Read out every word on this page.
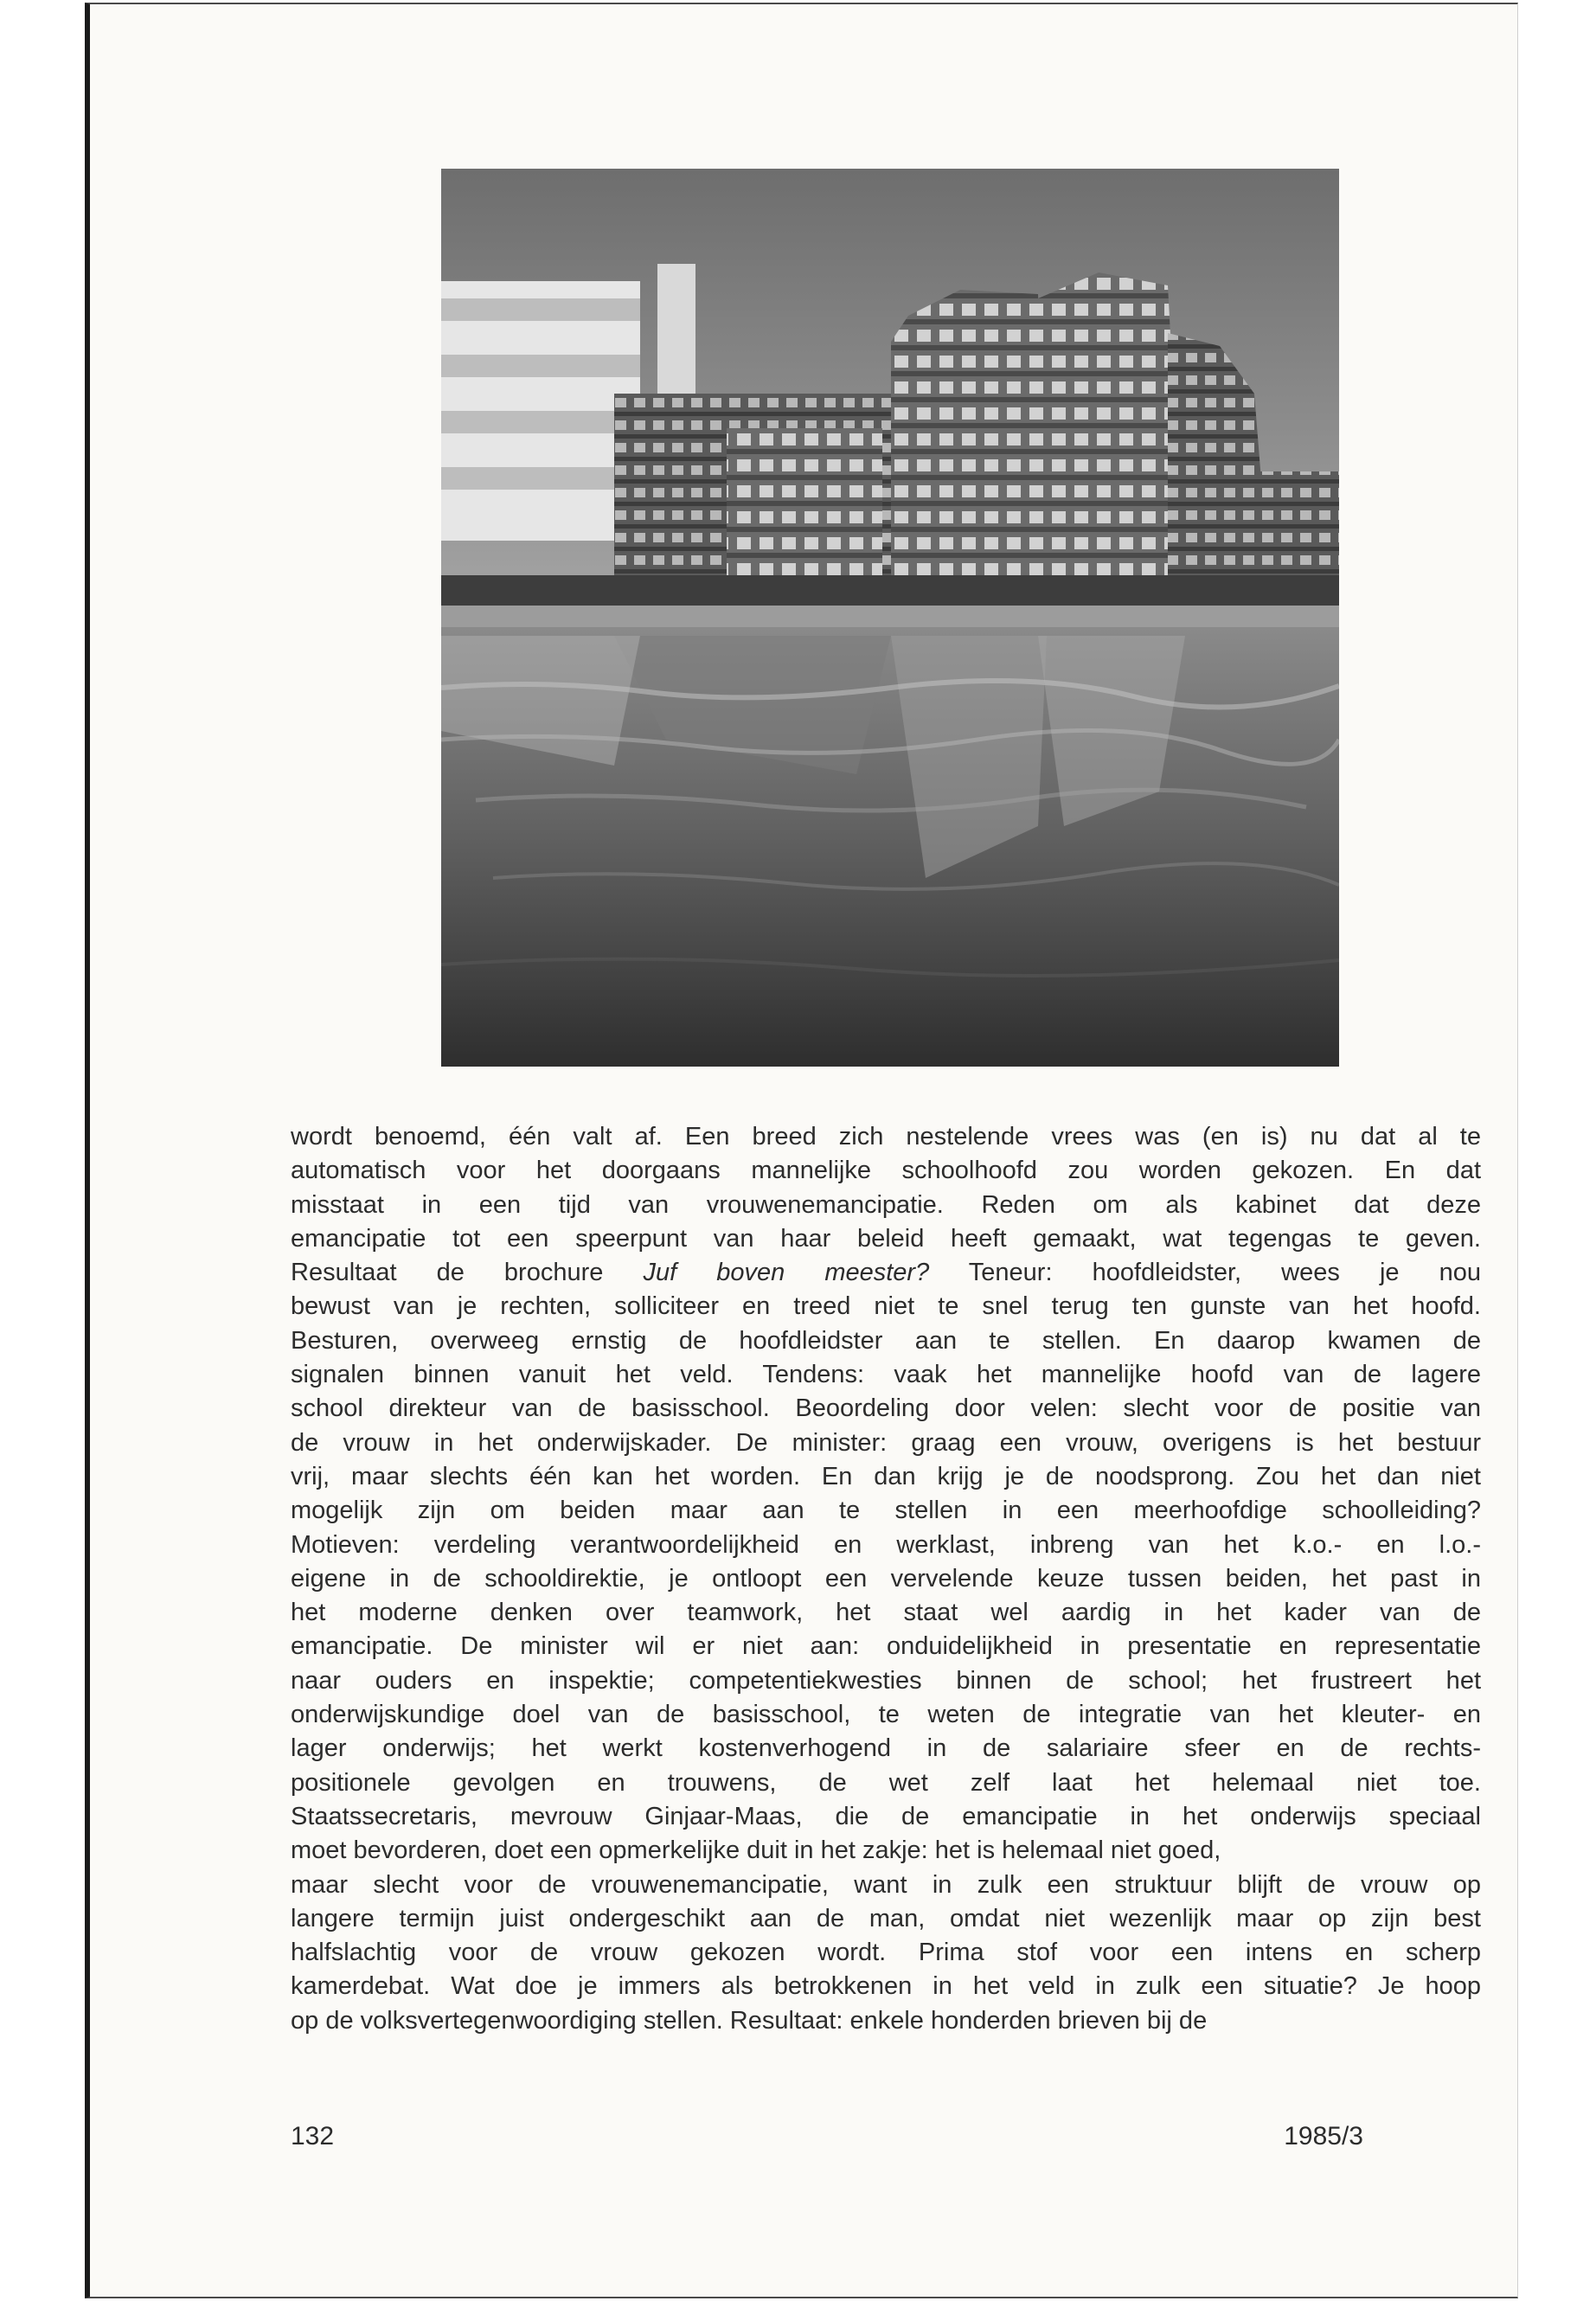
wordt benoemd, één valt af. Een breed zich nestelende vrees was (en is) nu dat al te

automatisch voor het doorgaans mannelijke schoolhoofd zou worden gekozen. En dat

misstaat in een tijd van vrouwenemancipatie. Reden om als kabinet dat deze

emancipatie tot een speerpunt van haar beleid heeft gemaakt, wat tegengas te geven.

Resultaat de brochure Juf boven meester? Teneur: hoofdleidster, wees je nou

bewust van je rechten, solliciteer en treed niet te snel terug ten gunste van het hoofd.

Besturen, overweeg ernstig de hoofdleidster aan te stellen. En daarop kwamen de

signalen binnen vanuit het veld. Tendens: vaak het mannelijke hoofd van de lagere

school direkteur van de basisschool. Beoordeling door velen: slecht voor de positie van

de vrouw in het onderwijskader. De minister: graag een vrouw, overigens is het bestuur

vrij, maar slechts één kan het worden. En dan krijg je de noodsprong. Zou het dan niet

mogelijk zijn om beiden maar aan te stellen in een meerhoofdige schoolleiding?

Motieven: verdeling verantwoordelijkheid en werklast, inbreng van het k.o.- en l.o.-

eigene in de schooldirektie, je ontloopt een vervelende keuze tussen beiden, het past in

het moderne denken over teamwork, het staat wel aardig in het kader van de

emancipatie. De minister wil er niet aan: onduidelijkheid in presentatie en representatie

naar ouders en inspektie; competentiekwesties binnen de school; het frustreert het

onderwijskundige doel van de basisschool, te weten de integratie van het kleuter- en

lager onderwijs; het werkt kostenverhogend in de salariaire sfeer en de rechts-

positionele gevolgen en trouwens, de wet zelf laat het helemaal niet toe.

Staatssecretaris, mevrouw Ginjaar-Maas, die de emancipatie in het onderwijs speciaal

moet bevorderen, doet een opmerkelijke duit in het zakje: het is helemaal niet goed,

maar slecht voor de vrouwenemancipatie, want in zulk een struktuur blijft de vrouw op

langere termijn juist ondergeschikt aan de man, omdat niet wezenlijk maar op zijn best

halfslachtig voor de vrouw gekozen wordt. Prima stof voor een intens en scherp

kamerdebat. Wat doe je immers als betrokkenen in het veld in zulk een situatie? Je hoop

op de volksvertegenwoordiging stellen. Resultaat: enkele honderden brieven bij de

132	1985/3
